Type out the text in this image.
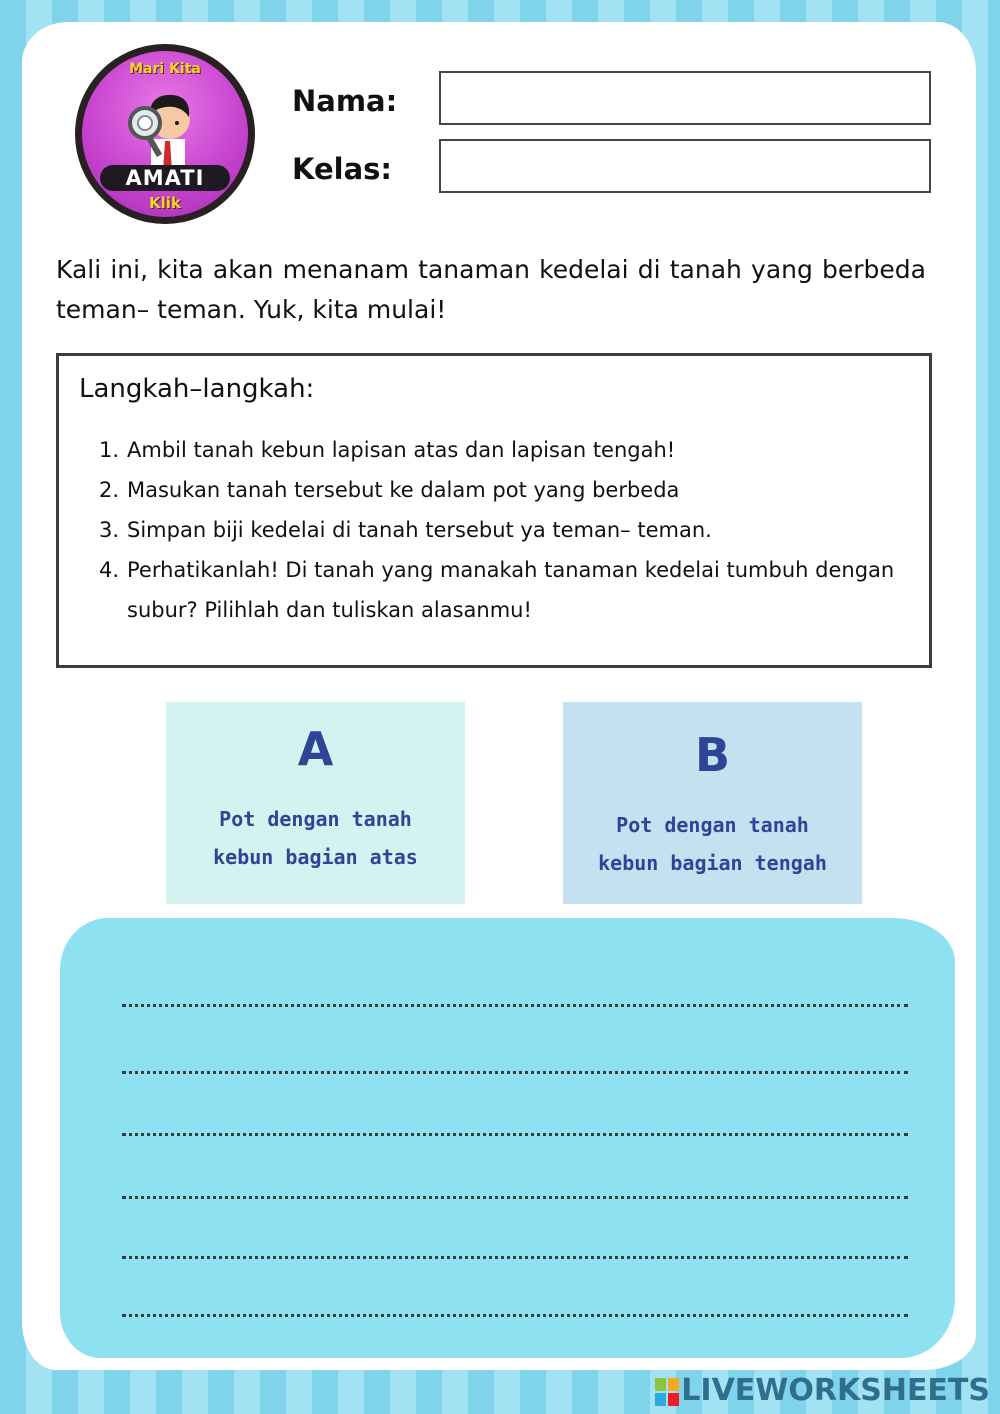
Mari Kita
AMATI
Klik
Nama:
Kelas:
Kali ini, kita akan menanam tanaman kedelai di tanah yang berbeda teman– teman. Yuk, kita mulai!
Langkah–langkah:
1. Ambil tanah kebun lapisan atas dan lapisan tengah!
2. Masukan tanah tersebut ke dalam pot yang berbeda
3. Simpan biji kedelai di tanah tersebut ya teman– teman.
4. Perhatikanlah! Di tanah yang manakah tanaman kedelai tumbuh dengan subur? Pilihlah dan tuliskan alasanmu!
A
Pot dengan tanah
kebun bagian atas
B
Pot dengan tanah
kebun bagian tengah
LIVEWORKSHEETS
